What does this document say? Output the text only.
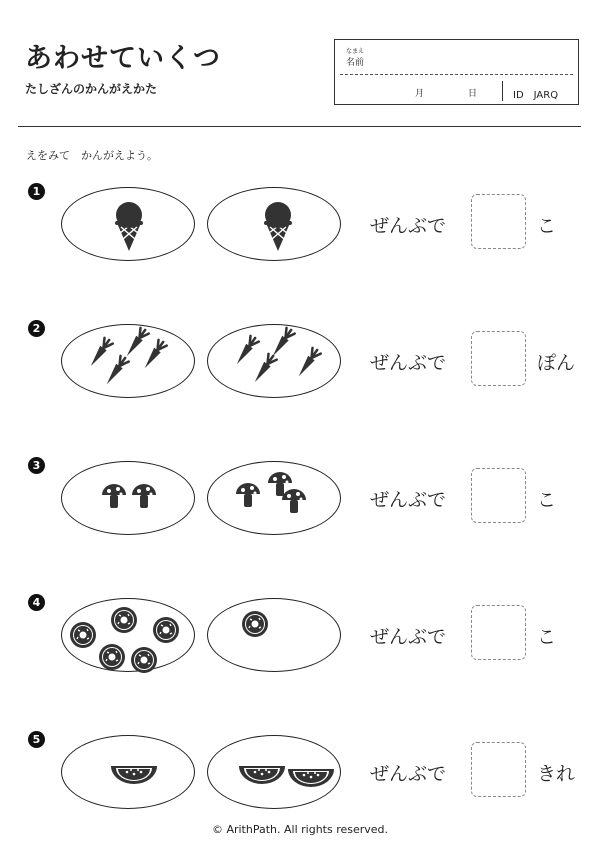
あわせていくつ
たしざんのかんがえかた
なまえ
名前
月	日	ID　JARQ
えをみて　かんがえよう。
1
ぜんぶで	こ
2
ぜんぶで	ぽん
3
ぜんぶで	こ
4
ぜんぶで	こ
5
ぜんぶで	きれ
© ArithPath. All rights reserved.
